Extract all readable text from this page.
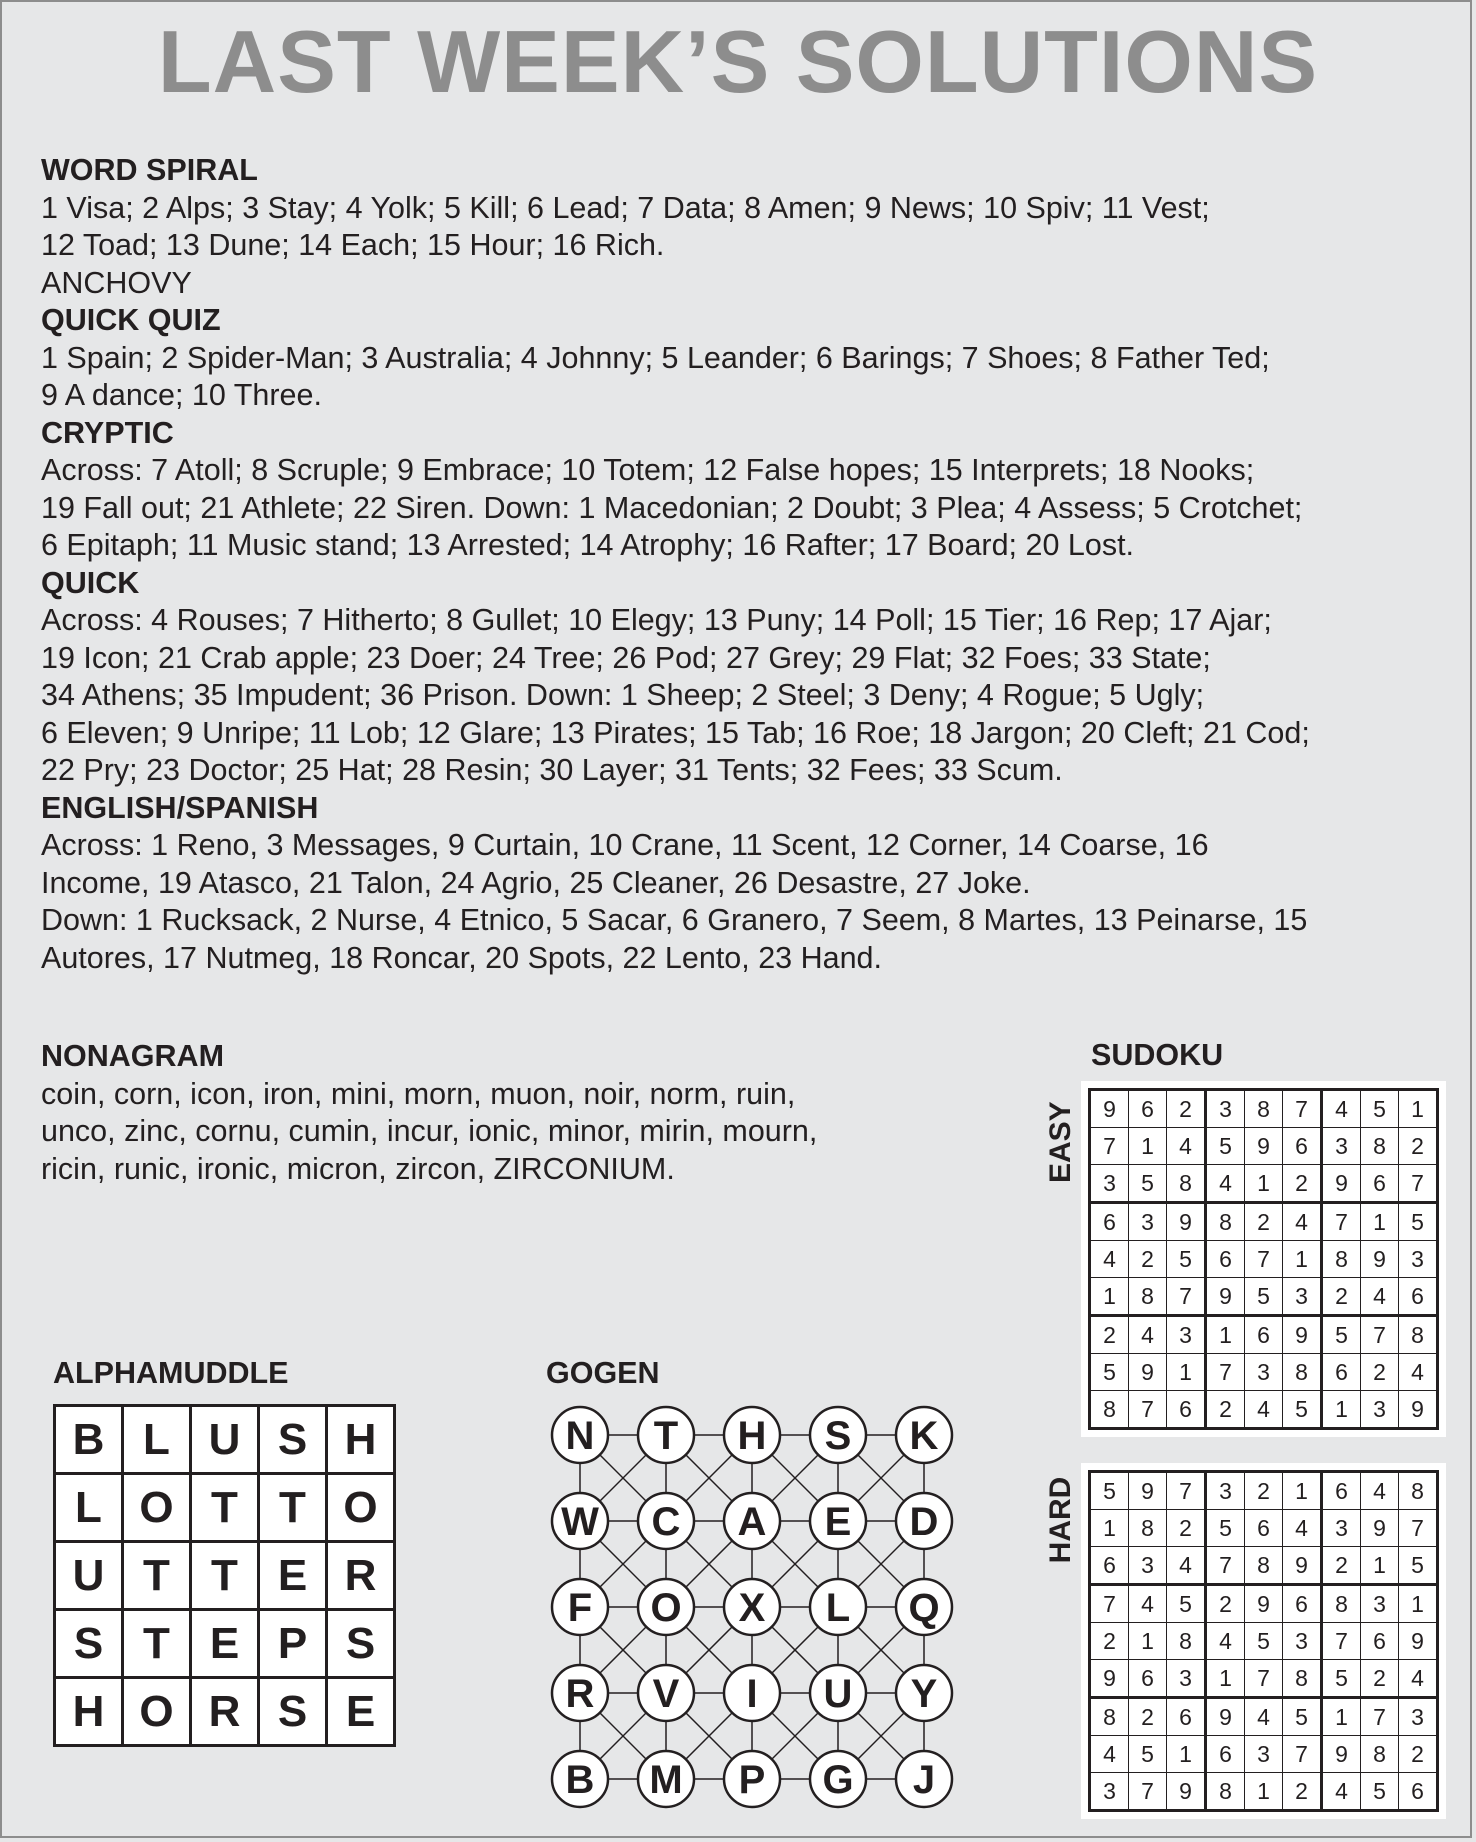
LAST WEEK’S SOLUTIONS
WORD SPIRAL
1 Visa; 2 Alps; 3 Stay; 4 Yolk; 5 Kill; 6 Lead; 7 Data; 8 Amen; 9 News; 10 Spiv; 11 Vest;
12 Toad; 13 Dune; 14 Each; 15 Hour; 16 Rich.
ANCHOVY
QUICK QUIZ
1 Spain; 2 Spider-Man; 3 Australia; 4 Johnny; 5 Leander; 6 Barings; 7 Shoes; 8 Father Ted;
9 A dance; 10 Three.
CRYPTIC
Across: 7 Atoll; 8 Scruple; 9 Embrace; 10 Totem; 12 False hopes; 15 Interprets; 18 Nooks;
19 Fall out; 21 Athlete; 22 Siren. Down: 1 Macedonian; 2 Doubt; 3 Plea; 4 Assess; 5 Crotchet;
6 Epitaph; 11 Music stand; 13 Arrested; 14 Atrophy; 16 Rafter; 17 Board; 20 Lost.
QUICK
Across: 4 Rouses; 7 Hitherto; 8 Gullet; 10 Elegy; 13 Puny; 14 Poll; 15 Tier; 16 Rep; 17 Ajar;
19 Icon; 21 Crab apple; 23 Doer; 24 Tree; 26 Pod; 27 Grey; 29 Flat; 32 Foes; 33 State;
34 Athens; 35 Impudent; 36 Prison. Down: 1 Sheep; 2 Steel; 3 Deny; 4 Rogue; 5 Ugly;
6 Eleven; 9 Unripe; 11 Lob; 12 Glare; 13 Pirates; 15 Tab; 16 Roe; 18 Jargon; 20 Cleft; 21 Cod;
22 Pry; 23 Doctor; 25 Hat; 28 Resin; 30 Layer; 31 Tents; 32 Fees; 33 Scum.
ENGLISH/SPANISH
Across: 1 Reno, 3 Messages, 9 Curtain, 10 Crane, 11 Scent, 12 Corner, 14 Coarse, 16
Income, 19 Atasco, 21 Talon, 24 Agrio, 25 Cleaner, 26 Desastre, 27 Joke.
Down: 1 Rucksack, 2 Nurse, 4 Etnico, 5 Sacar, 6 Granero, 7 Seem, 8 Martes, 13 Peinarse, 15
Autores, 17 Nutmeg, 18 Roncar, 20 Spots, 22 Lento, 23 Hand.
NONAGRAM
coin, corn, icon, iron, mini, morn, muon, noir, norm, ruin,
unco, zinc, cornu, cumin, incur, ionic, minor, mirin, mourn,
ricin, runic, ironic, micron, zircon, ZIRCONIUM.
SUDOKU
EASY
HARD
9	6	2	3	8	7	4	5	1
7	1	4	5	9	6	3	8	2
3	5	8	4	1	2	9	6	7
6	3	9	8	2	4	7	1	5
4	2	5	6	7	1	8	9	3
1	8	7	9	5	3	2	4	6
2	4	3	1	6	9	5	7	8
5	9	1	7	3	8	6	2	4
8	7	6	2	4	5	1	3	9
5	9	7	3	2	1	6	4	8
1	8	2	5	6	4	3	9	7
6	3	4	7	8	9	2	1	5
7	4	5	2	9	6	8	3	1
2	1	8	4	5	3	7	6	9
9	6	3	1	7	8	5	2	4
8	2	6	9	4	5	1	7	3
4	5	1	6	3	7	9	8	2
3	7	9	8	1	2	4	5	6
ALPHAMUDDLE
B	L	U	S	H
L	O	T	T	O
U	T	T	E	R
S	T	E	P	S
H	O	R	S	E
GOGEN
N T H S K
W C A E D
F O X L Q
R V I U Y
B M P G J
